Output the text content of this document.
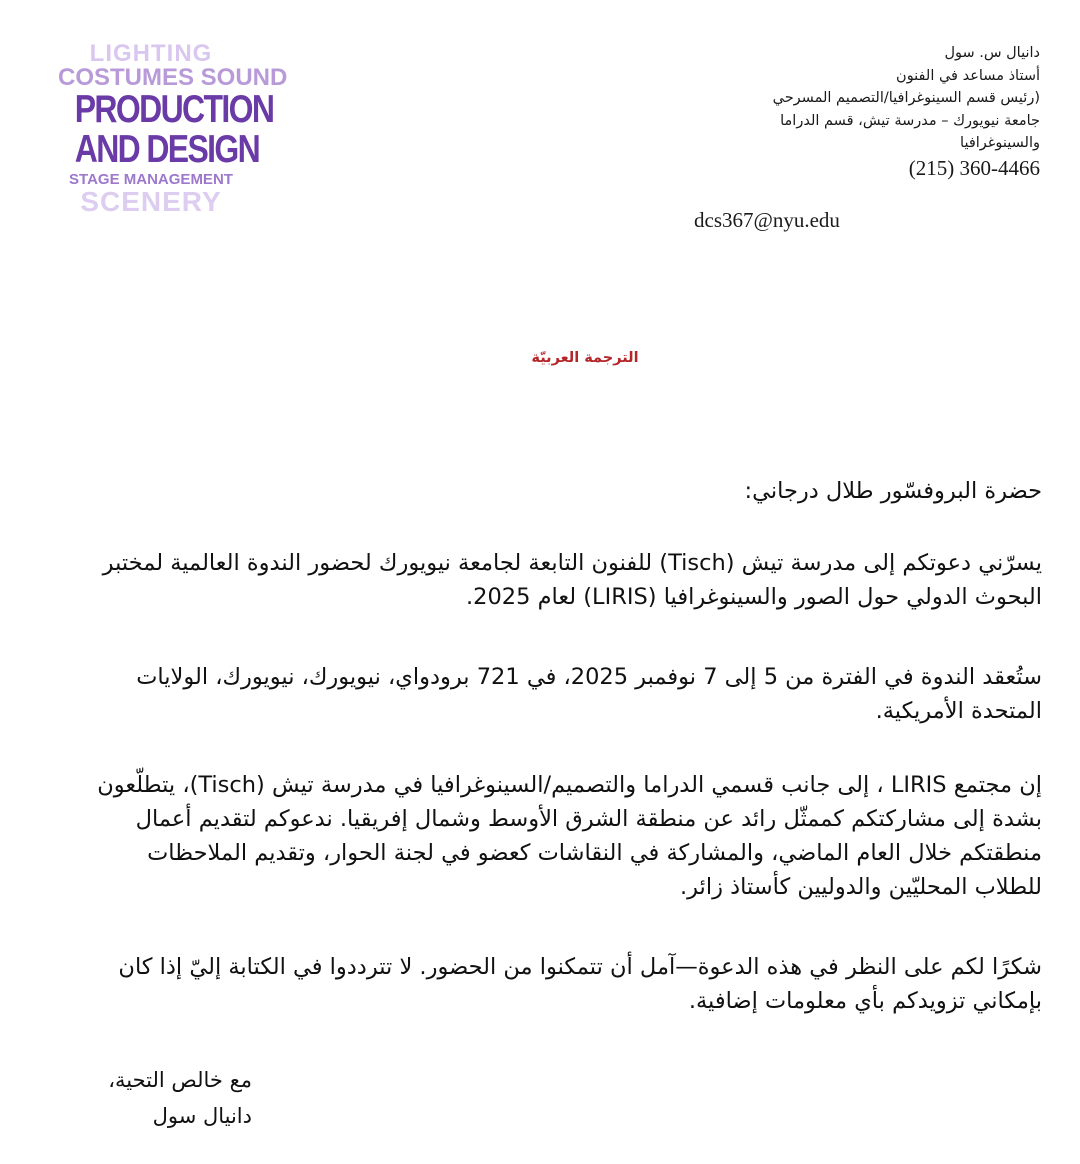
LIGHTING
COSTUMES SOUND
PRODUCTION
AND DESIGN
STAGE MANAGEMENT
SCENERY
دانيال س. سول
أستاذ مساعد في الفنون
(رئيس قسم السينوغرافيا/التصميم المسرحي
جامعة نيويورك – مدرسة تيش، قسم الدراما
والسينوغرافيا
(215) 360-4466
dcs367@nyu.edu
الترجمة العربيّة
حضرة البروفسّور طلال درجاني:
يسرّني دعوتكم إلى مدرسة تيش (Tisch) للفنون التابعة لجامعة نيويورك لحضور الندوة العالمية لمختبر البحوث الدولي حول الصور والسينوغرافيا (LIRIS) لعام 2025.
ستُعقد الندوة في الفترة من 5 إلى 7 نوفمبر 2025، في 721 برودواي، نيويورك، نيويورك، الولايات المتحدة الأمريكية.
إن مجتمع LIRIS ، إلى جانب قسمي الدراما والتصميم/السينوغرافيا في مدرسة تيش (Tisch)، يتطلّعون بشدة إلى مشاركتكم كممثّل رائد عن منطقة الشرق الأوسط وشمال إفريقيا. ندعوكم لتقديم أعمال منطقتكم خلال العام الماضي، والمشاركة في النقاشات كعضو في لجنة الحوار، وتقديم الملاحظات للطلاب المحليّين والدوليين كأستاذ زائر.
شكرًا لكم على النظر في هذه الدعوة—آمل أن تتمكنوا من الحضور. لا تترددوا في الكتابة إليّ إذا كان بإمكاني تزويدكم بأي معلومات إضافية.
مع خالص التحية،
دانيال سول
